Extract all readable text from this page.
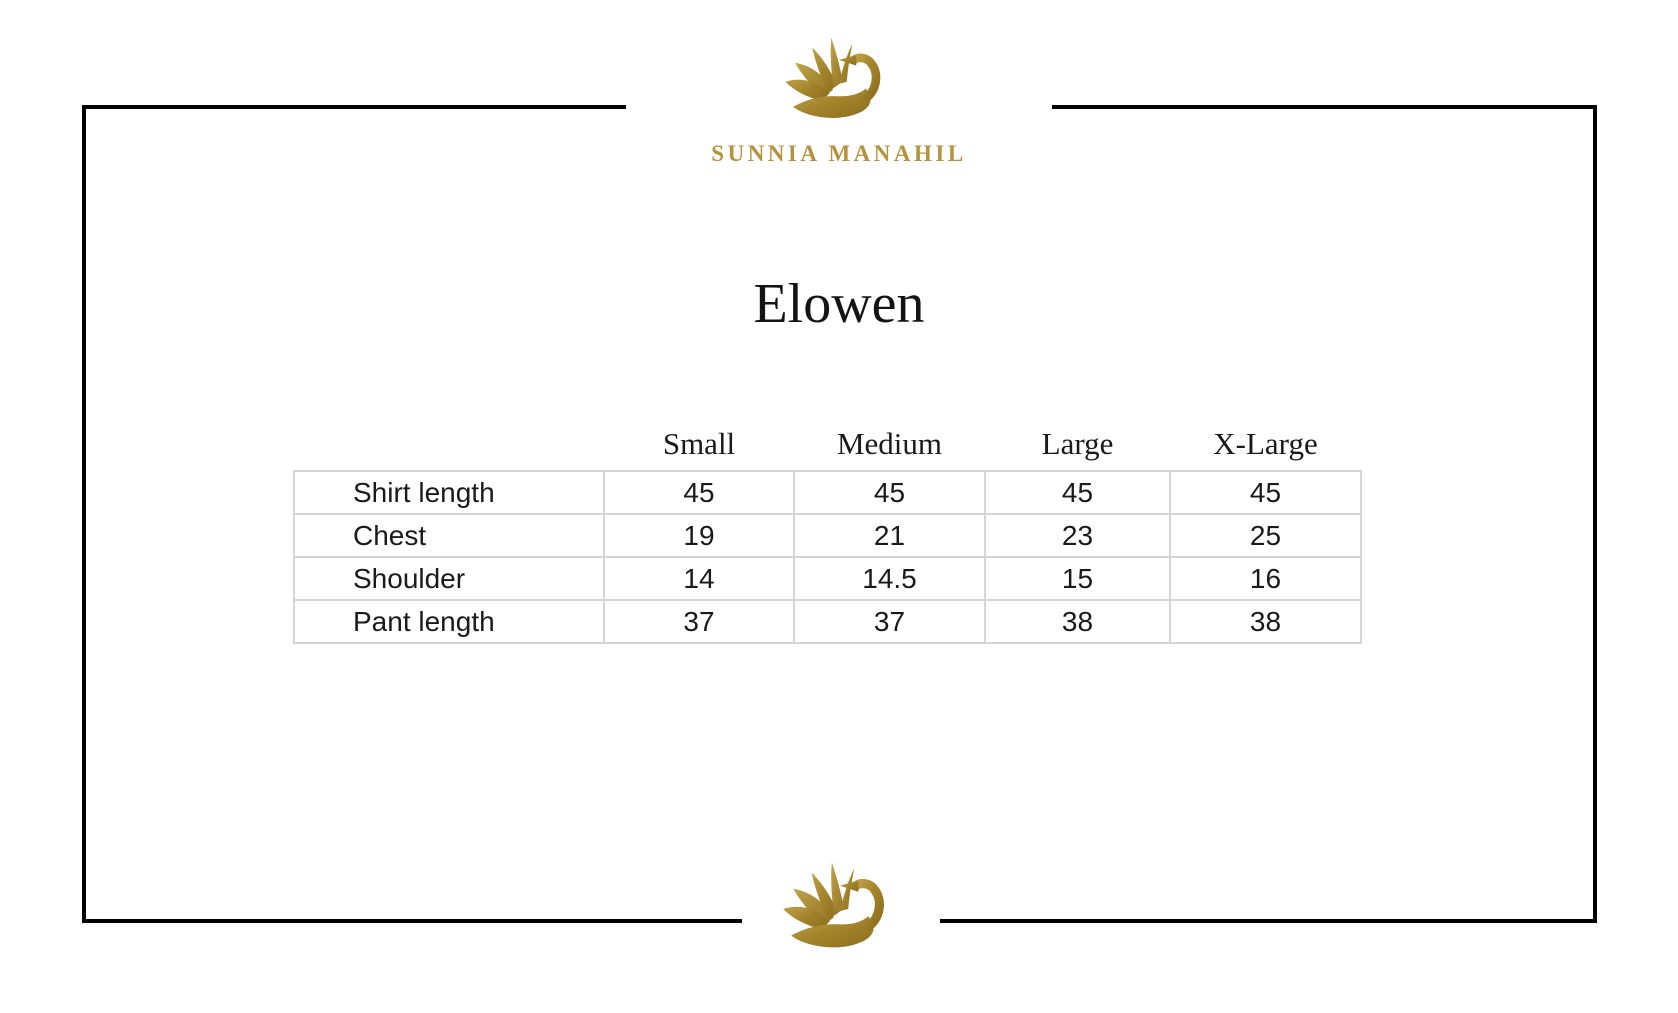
SUNNIA MANAHIL
Elowen
	Small	Medium	Large	X-Large
Shirt length	45	45	45	45
Chest	19	21	23	25
Shoulder	14	14.5	15	16
Pant length	37	37	38	38
